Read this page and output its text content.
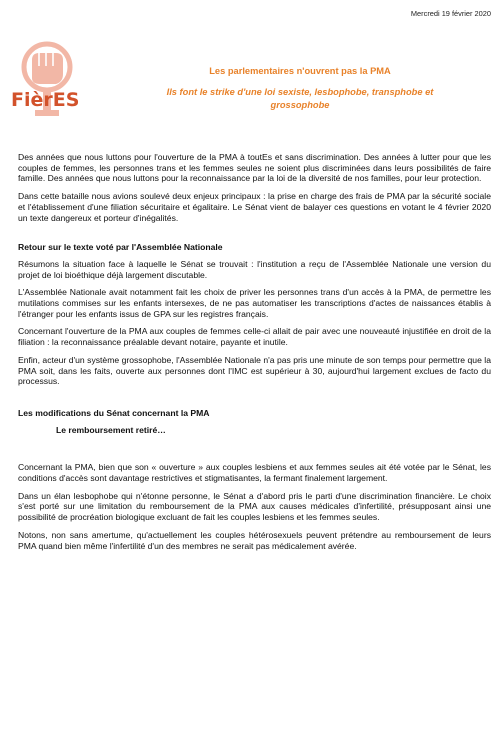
Mercredi 19 février 2020
FièrES
Les parlementaires n'ouvrent pas la PMA
Ils font le strike d'une loi sexiste, lesbophobe, transphobe et
grossophobe

Des années que nous luttons pour l'ouverture de la PMA à toutEs et sans discrimination. Des années à lutter pour que les couples de femmes, les personnes trans et les femmes seules ne soient plus discriminées dans leurs possibilités de faire famille. Des années que nous luttons pour la reconnaissance par la loi de la diversité de nos familles, pour leur protection.

Dans cette bataille nous avions soulevé deux enjeux principaux : la prise en charge des frais de PMA par la sécurité sociale et l'établissement d'une filiation sécuritaire et égalitaire. Le Sénat vient de balayer ces questions en votant le 4 février 2020 un texte dangereux et porteur d'inégalités.

Retour sur le texte voté par l'Assemblée Nationale

Résumons la situation face à laquelle le Sénat se trouvait : l'institution a reçu de l'Assemblée Nationale une version du projet de loi bioéthique déjà largement discutable.

L'Assemblée Nationale avait notamment fait les choix de priver les personnes trans d'un accès à la PMA, de permettre les mutilations commises sur les enfants intersexes, de ne pas automatiser les transcriptions d'actes de naissances établis à l'étranger pour les enfants issus de GPA sur les registres français.

Concernant l'ouverture de la PMA aux couples de femmes celle-ci allait de pair avec une nouveauté injustifiée en droit de la filiation : la reconnaissance préalable devant notaire, payante et inutile.

Enfin, acteur d'un système grossophobe, l'Assemblée Nationale n'a pas pris une minute de son temps pour permettre que la PMA soit, dans les faits, ouverte aux personnes dont l'IMC est supérieur à 30, aujourd'hui largement exclues de facto du processus.

Les modifications du Sénat concernant la PMA
Le remboursement retiré…

Concernant la PMA, bien que son « ouverture » aux couples lesbiens et aux femmes seules ait été votée par le Sénat, les conditions d'accès sont davantage restrictives et stigmatisantes, la fermant finalement largement.

Dans un élan lesbophobe qui n'étonne personne, le Sénat a d'abord pris le parti d'une discrimination financière. Le choix s'est porté sur une limitation du remboursement de la PMA aux causes médicales d'infertilité, présupposant ainsi une possibilité de procréation biologique excluant de fait les couples lesbiens et les femmes seules.

Notons, non sans amertume, qu'actuellement les couples hétérosexuels peuvent prétendre au remboursement de leurs PMA quand bien même l'infertilité d'un des membres ne serait pas médicalement avérée.
